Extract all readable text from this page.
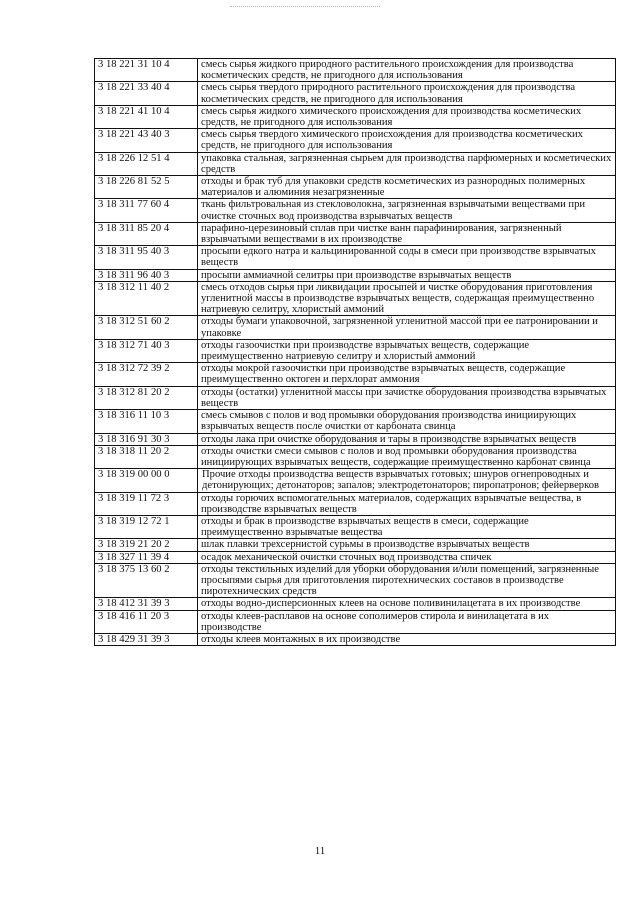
3 18 221 31 10 4	смесь сырья жидкого природного растительного происхождения для производства косметических средств, не пригодного для использования
3 18 221 33 40 4	смесь сырья твердого природного растительного происхождения для производства косметических средств, не пригодного для использования
3 18 221 41 10 4	смесь сырья жидкого химического происхождения для производства косметических средств, не пригодного для использования
3 18 221 43 40 3	смесь сырья твердого химического происхождения для производства косметических средств, не пригодного для использования
3 18 226 12 51 4	упаковка стальная, загрязненная сырьем для производства парфюмерных и косметических средств
3 18 226 81 52 5	отходы и брак туб для упаковки средств косметических из разнородных полимерных материалов и алюминия незагрязненные
3 18 311 77 60 4	ткань фильтровальная из стекловолокна, загрязненная взрывчатыми веществами при очистке сточных вод производства взрывчатых веществ
3 18 311 85 20 4	парафино-церезиновый сплав при чистке ванн парафинирования, загрязненный взрывчатыми веществами в их производстве
3 18 311 95 40 3	просыпи едкого натра и кальцинированной соды в смеси при производстве взрывчатых веществ
3 18 311 96 40 3	просыпи аммиачной селитры при производстве взрывчатых веществ
3 18 312 11 40 2	смесь отходов сырья при ликвидации просыпей и чистке оборудования приготовления угленитной массы в производстве взрывчатых веществ, содержащая преимущественно натриевую селитру, хлористый аммоний
3 18 312 51 60 2	отходы бумаги упаковочной, загрязненной угленитной массой при ее патронировании и упаковке
3 18 312 71 40 3	отходы газоочистки при производстве взрывчатых веществ, содержащие преимущественно натриевую селитру и хлористый аммоний
3 18 312 72 39 2	отходы мокрой газоочистки при производстве взрывчатых веществ, содержащие преимущественно октоген и перхлорат аммония
3 18 312 81 20 2	отходы (остатки) угленитной массы при зачистке оборудования производства взрывчатых веществ
3 18 316 11 10 3	смесь смывов с полов и вод промывки оборудования производства инициирующих взрывчатых веществ после очистки от карбоната свинца
3 18 316 91 30 3	отходы лака при очистке оборудования и тары в производстве взрывчатых веществ
3 18 318 11 20 2	отходы очистки смеси смывов с полов и вод промывки оборудования производства инициирующих взрывчатых веществ, содержащие преимущественно карбонат свинца
3 18 319 00 00 0	Прочие отходы производства веществ взрывчатых готовых; шнуров огнепроводных и детонирующих; детонаторов; запалов; электродетонаторов; пиропатронов; фейерверков
3 18 319 11 72 3	отходы горючих вспомогательных материалов, содержащих взрывчатые вещества, в производстве взрывчатых веществ
3 18 319 12 72 1	отходы и брак в производстве взрывчатых веществ в смеси, содержащие преимущественно взрывчатые вещества
3 18 319 21 20 2	шлак плавки трехсернистой сурьмы в производстве взрывчатых веществ
3 18 327 11 39 4	осадок механической очистки сточных вод производства спичек
3 18 375 13 60 2	отходы текстильных изделий для уборки оборудования и/или помещений, загрязненные просыпями сырья для приготовления пиротехнических составов в производстве пиротехнических средств
3 18 412 31 39 3	отходы водно-дисперсионных клеев на основе поливинилацетата в их производстве
3 18 416 11 20 3	отходы клеев-расплавов на основе сополимеров стирола и винилацетата в их производстве
3 18 429 31 39 3	отходы клеев монтажных в их производстве
11
